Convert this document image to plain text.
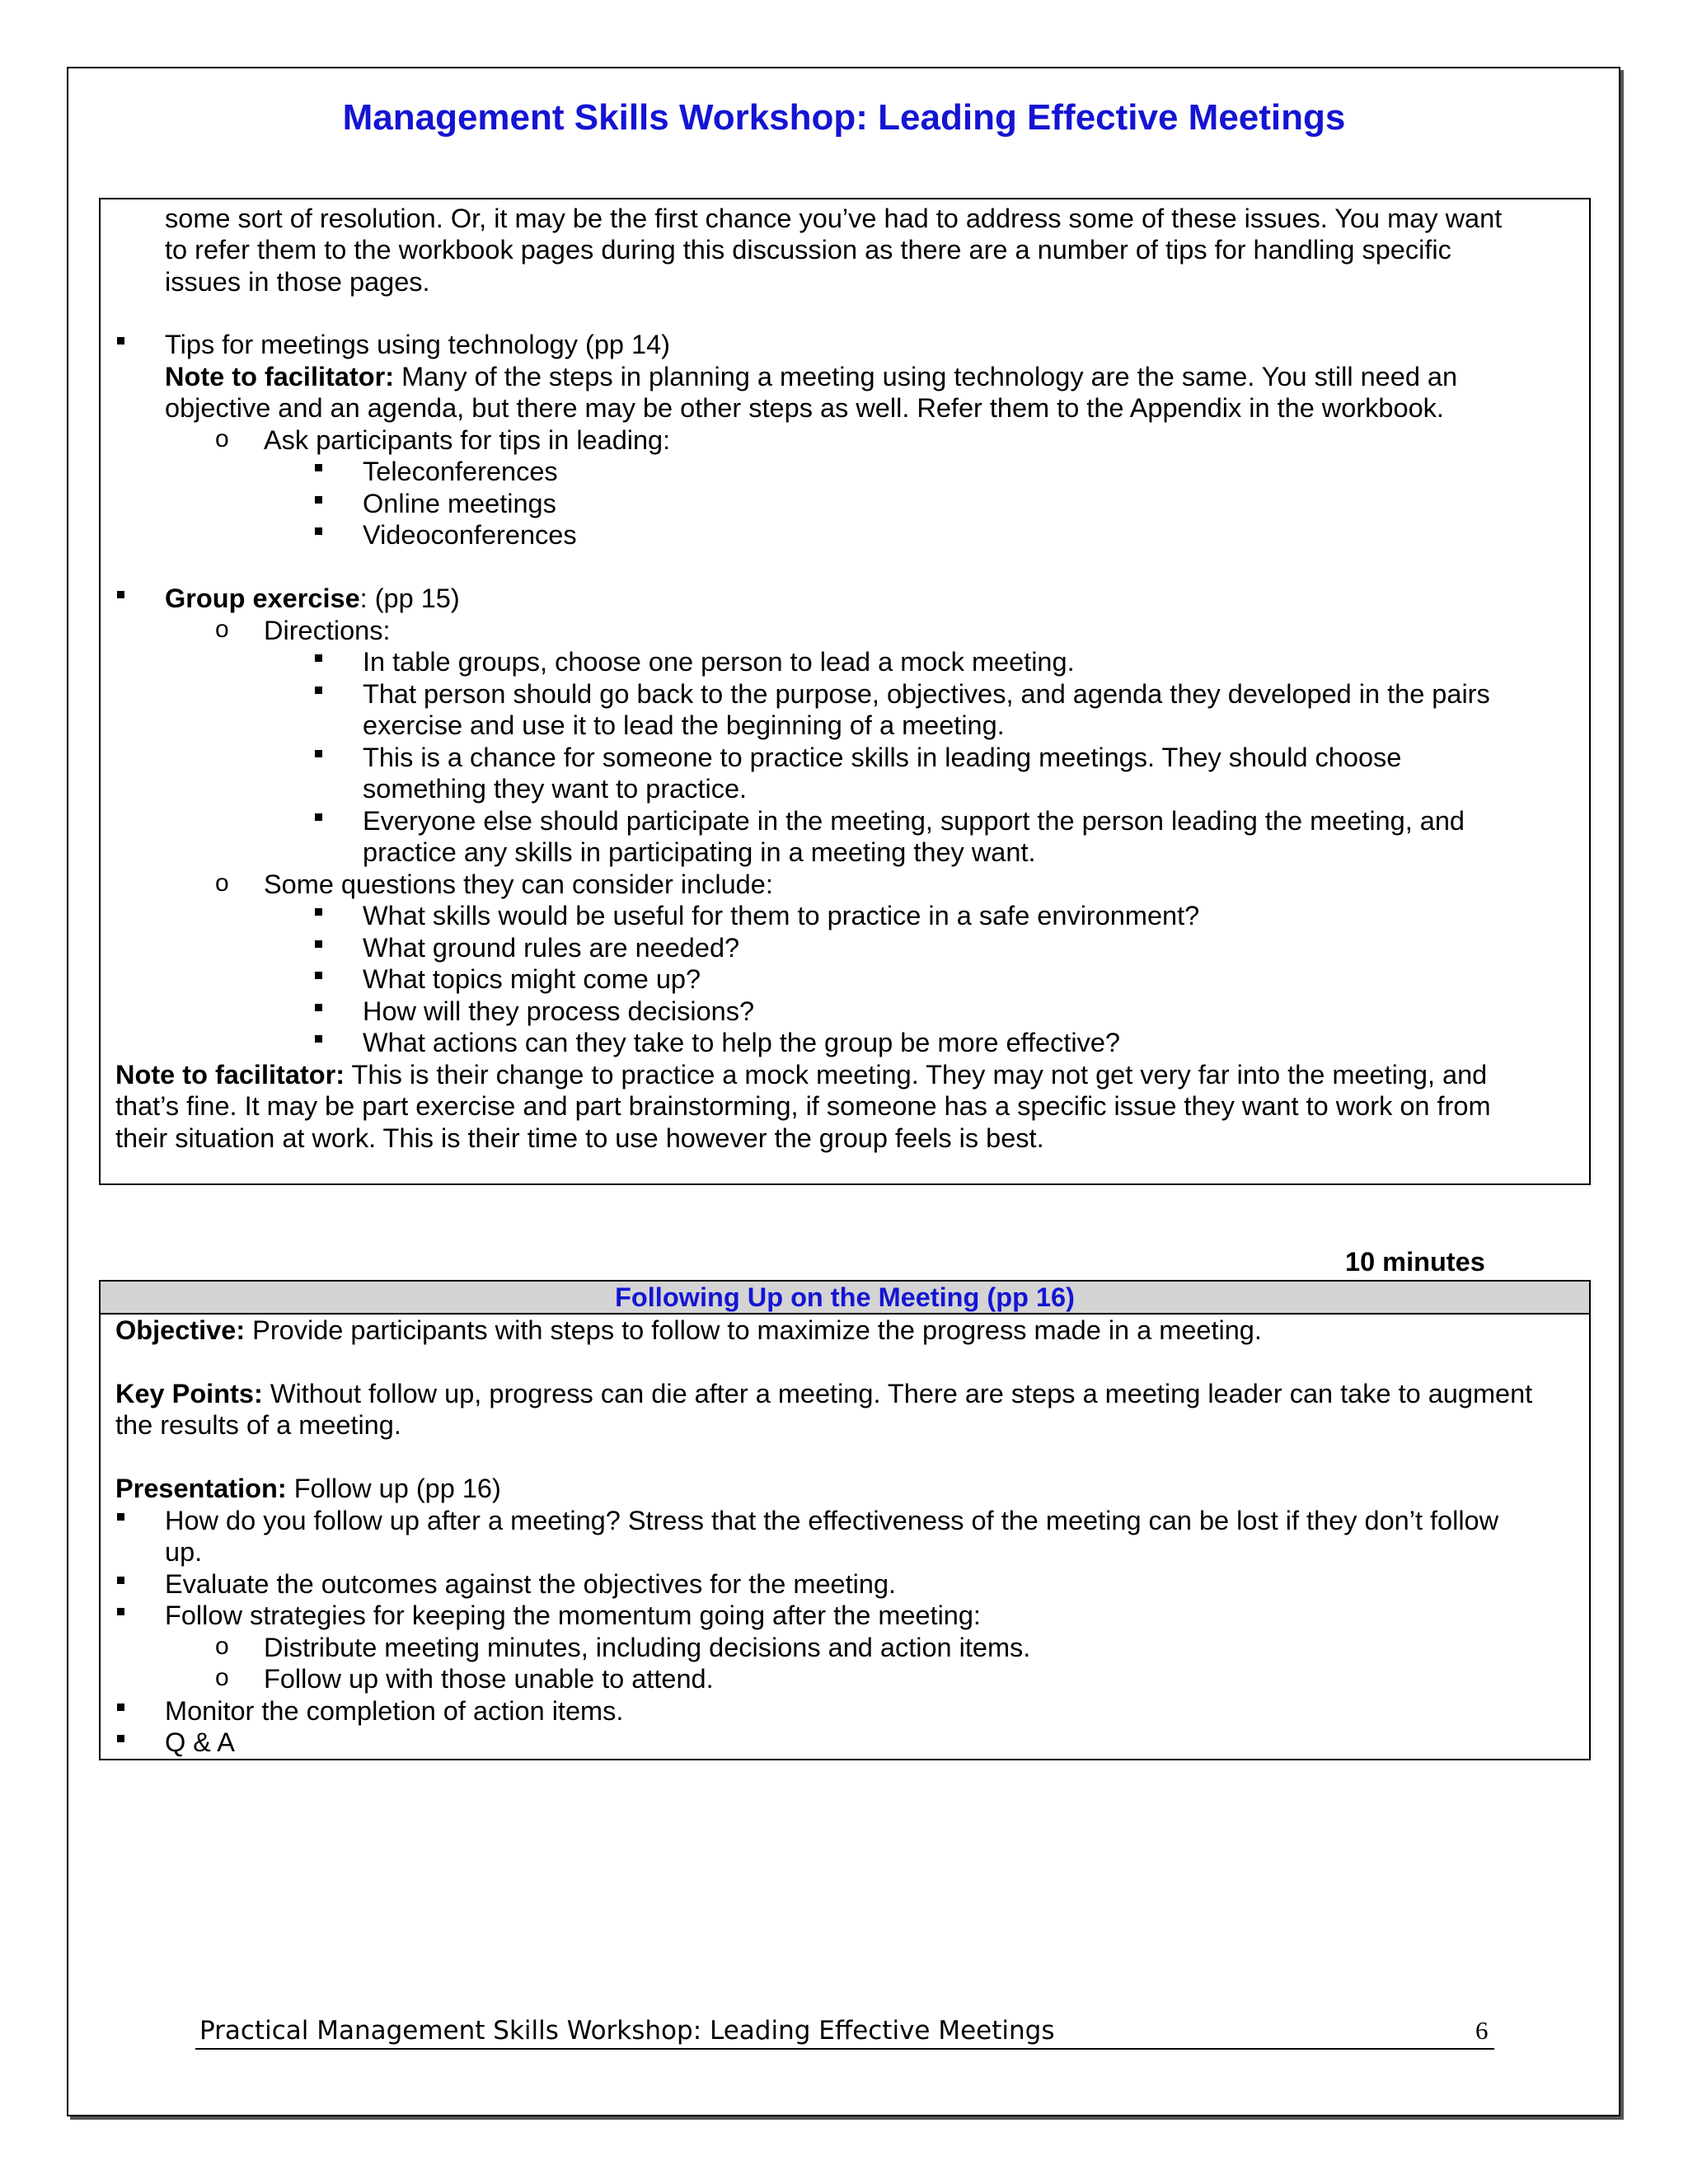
Management Skills Workshop: Leading Effective Meetings
some sort of resolution. Or, it may be the first chance you’ve had to address some of these issues. You may want
to refer them to the workbook pages during this discussion as there are a number of tips for handling specific
issues in those pages.
Tips for meetings using technology (pp 14)
Note to facilitator: Many of the steps in planning a meeting using technology are the same. You still need an
objective and an agenda, but there may be other steps as well. Refer them to the Appendix in the workbook.
o Ask participants for tips in leading:
Teleconferences
Online meetings
Videoconferences
Group exercise: (pp 15)
o Directions:
In table groups, choose one person to lead a mock meeting.
That person should go back to the purpose, objectives, and agenda they developed in the pairs
exercise and use it to lead the beginning of a meeting.
This is a chance for someone to practice skills in leading meetings. They should choose
something they want to practice.
Everyone else should participate in the meeting, support the person leading the meeting, and
practice any skills in participating in a meeting they want.
o Some questions they can consider include:
What skills would be useful for them to practice in a safe environment?
What ground rules are needed?
What topics might come up?
How will they process decisions?
What actions can they take to help the group be more effective?
Note to facilitator: This is their change to practice a mock meeting. They may not get very far into the meeting, and
that’s fine. It may be part exercise and part brainstorming, if someone has a specific issue they want to work on from
their situation at work. This is their time to use however the group feels is best.
10 minutes
Following Up on the Meeting (pp 16)
Objective: Provide participants with steps to follow to maximize the progress made in a meeting.
Key Points: Without follow up, progress can die after a meeting. There are steps a meeting leader can take to augment
the results of a meeting.
Presentation: Follow up (pp 16)
How do you follow up after a meeting? Stress that the effectiveness of the meeting can be lost if they don’t follow
up.
Evaluate the outcomes against the objectives for the meeting.
Follow strategies for keeping the momentum going after the meeting:
o Distribute meeting minutes, including decisions and action items.
o Follow up with those unable to attend.
Monitor the completion of action items.
Q & A
Practical Management Skills Workshop: Leading Effective Meetings	6
